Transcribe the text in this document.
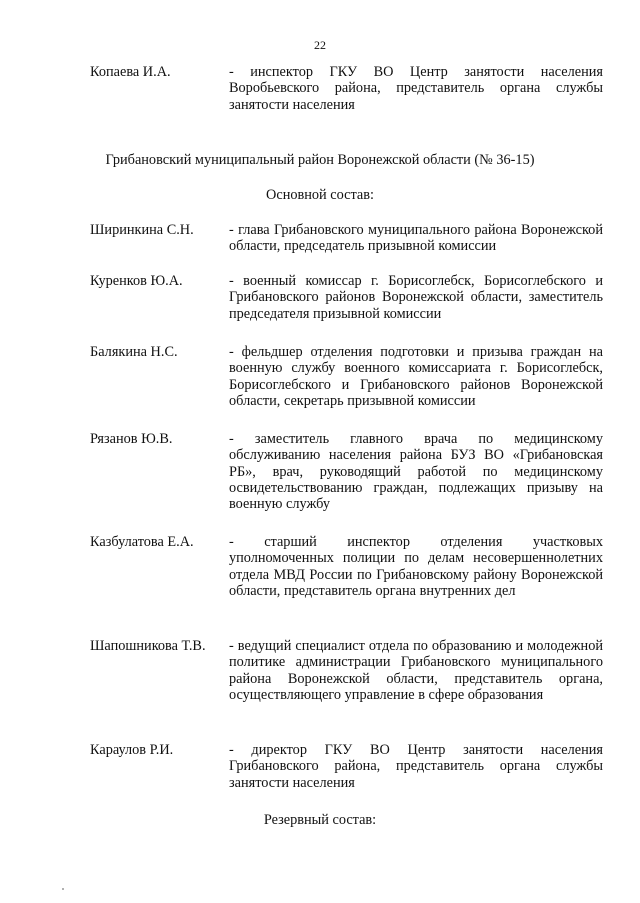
22
Копаева И.А.	- инспектор ГКУ ВО Центр занятости населения Воробьевского района, представитель органа службы занятости населения
Грибановский муниципальный район Воронежской области (№ 36-15)
Основной состав:
Ширинкина С.Н. - глава Грибановского муниципального района Воронежской области, председатель призывной комиссии
Куренков Ю.А.	- военный комиссар г. Борисоглебск, Борисоглебского и Грибановского районов Воронежской области, заместитель председателя призывной комиссии
Балякина Н.С.	- фельдшер отделения подготовки и призыва граждан на военную службу военного комиссариата г. Борисоглебск, Борисоглебского и Грибановского районов Воронежской области, секретарь призывной комиссии
Рязанов Ю.В.	- заместитель главного врача по медицинскому обслуживанию населения района БУЗ ВО «Грибановская РБ», врач, руководящий работой по медицинскому освидетельствованию граждан, подлежащих призыву на военную службу
Казбулатова Е.А. - старший инспектор отделения участковых уполномоченных полиции по делам несовершеннолетних отдела МВД России по Грибановскому району Воронежской области, представитель органа внутренних дел
Шапошникова Т.В. - ведущий специалист отдела по образованию и молодежной политике администрации Грибановского муниципального района Воронежской области, представитель органа, осуществляющего управление в сфере образования
Караулов Р.И.	- директор ГКУ ВО Центр занятости населения Грибановского района, представитель органа службы занятости населения
Резервный состав:
